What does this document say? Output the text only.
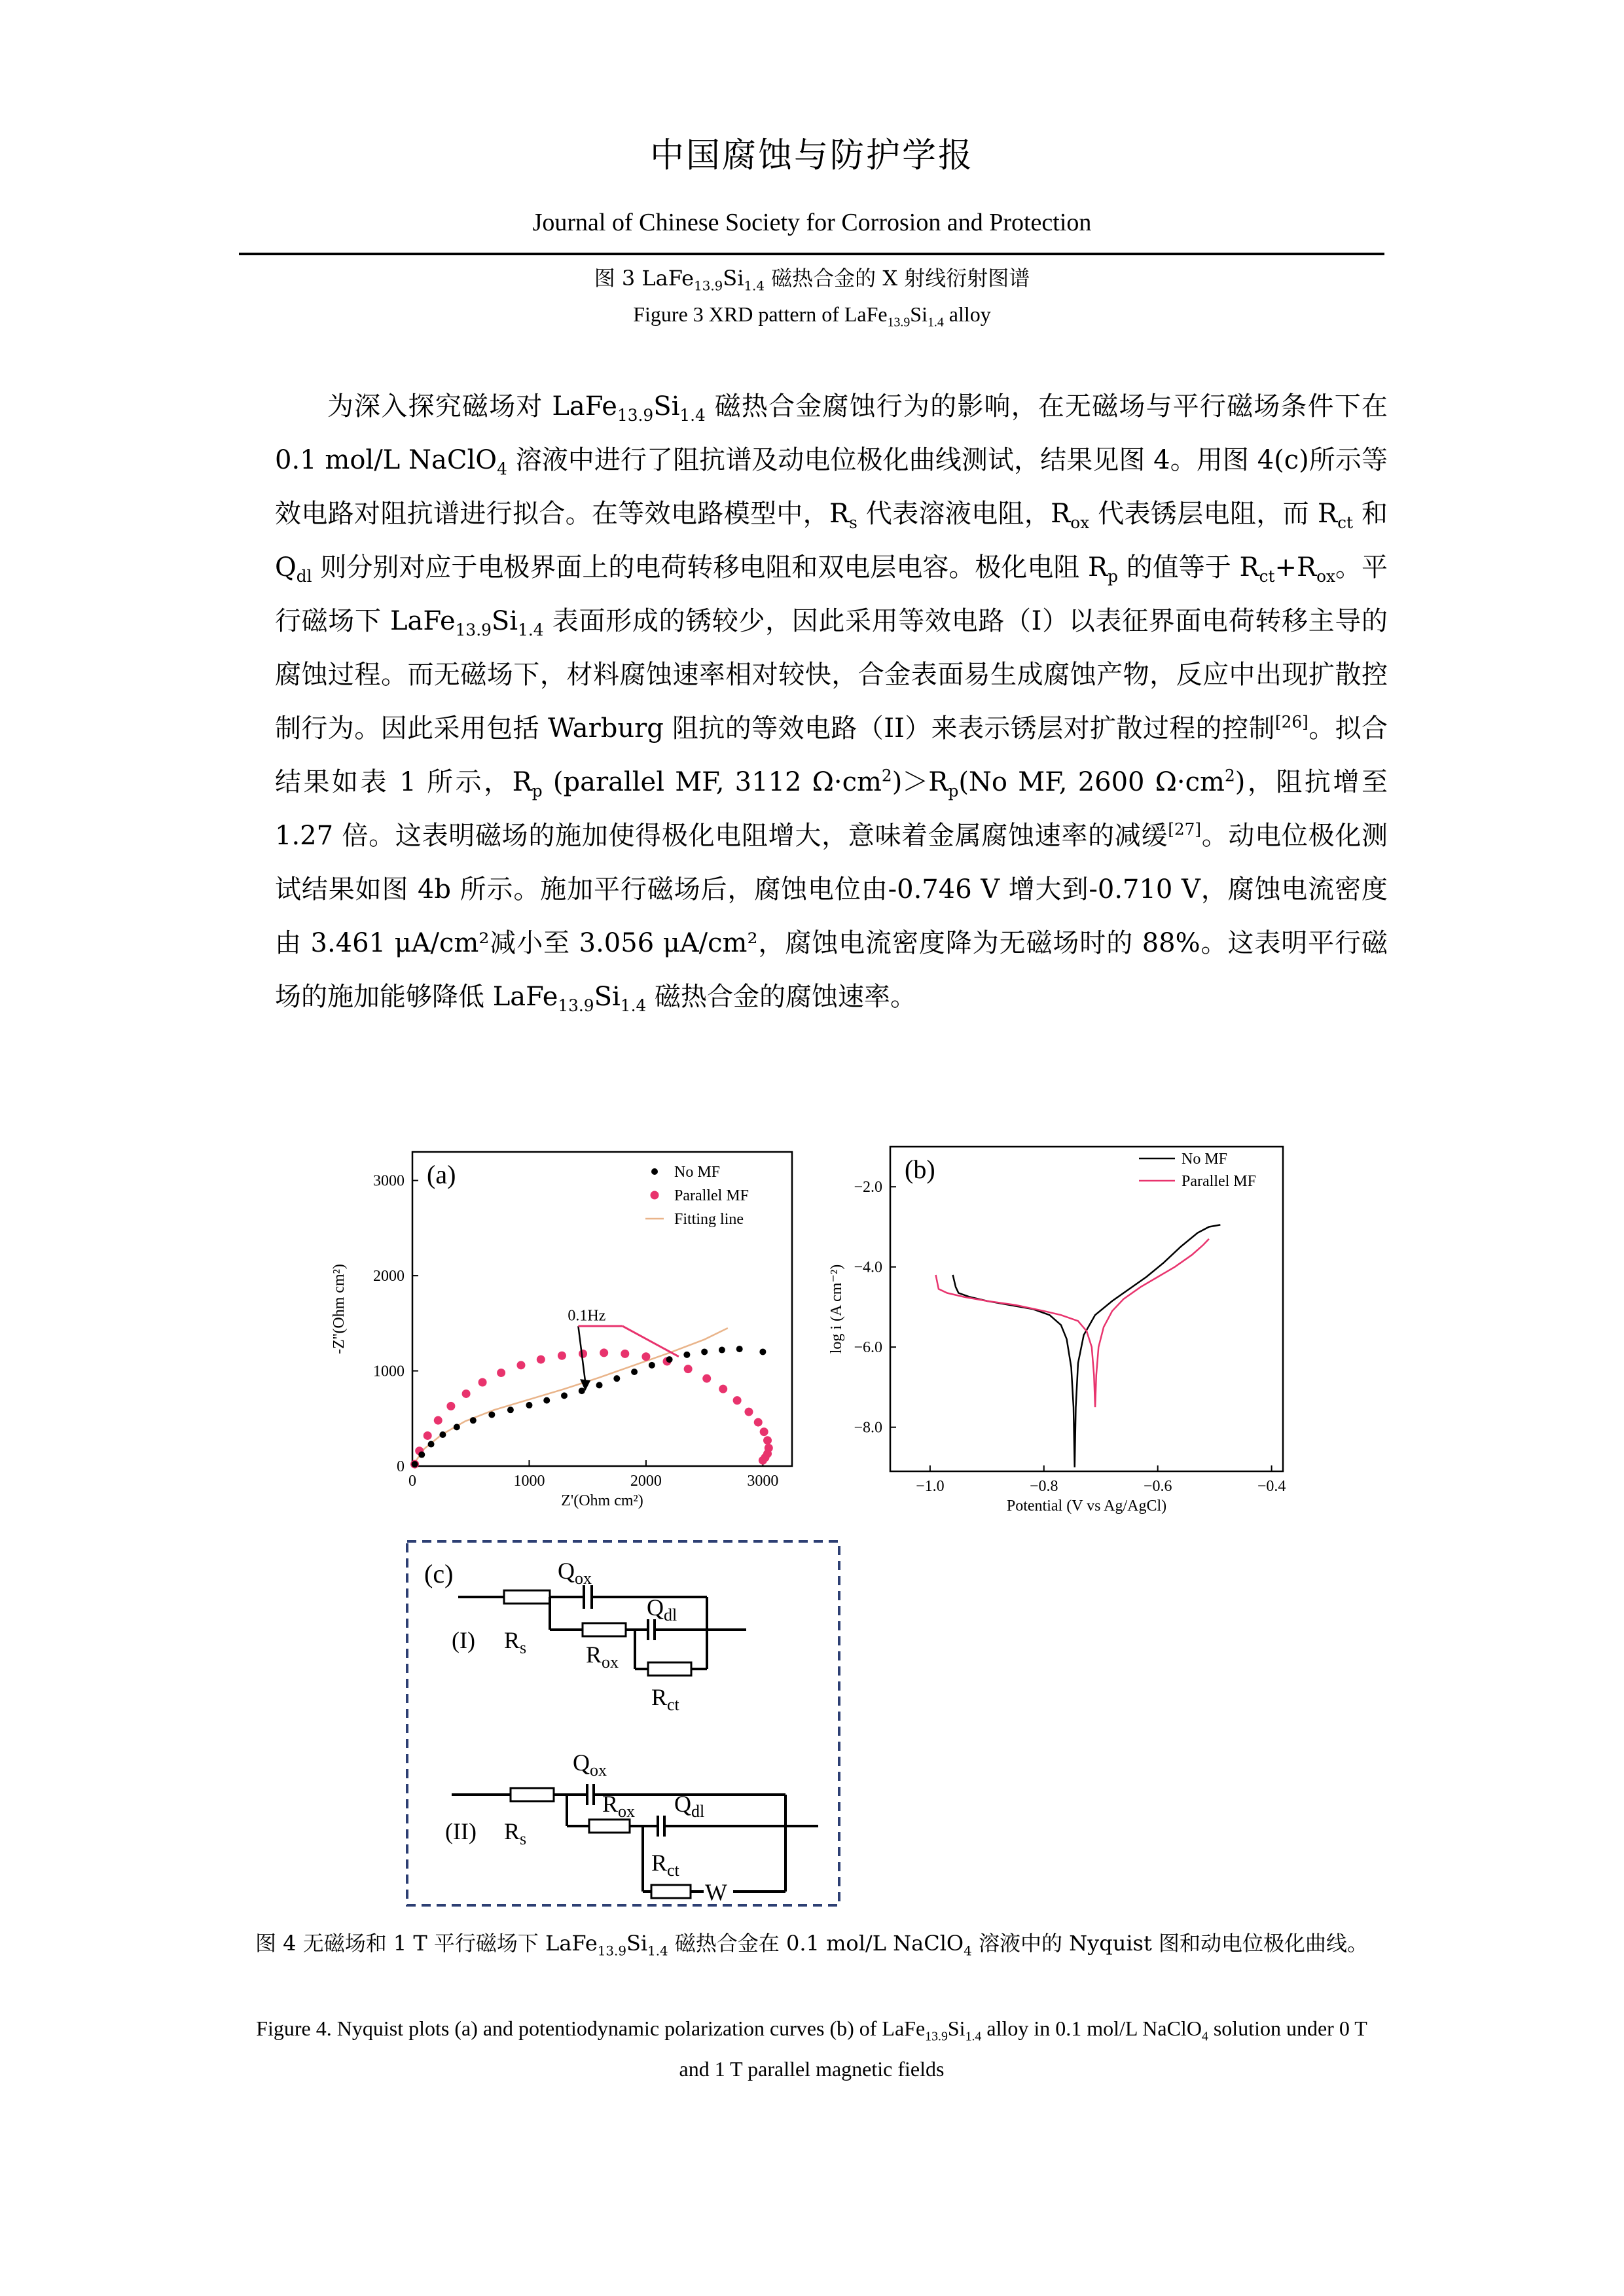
中国腐蚀与防护学报
Journal of Chinese Society for Corrosion and Protection
图 3 $LaFe_{13.9}Si_{1.4}$ 磁热合金的 X 射线衍射图谱
Figure 3 XRD pattern of $LaFe_{13.9}Si_{1.4}$ alloy
为深入探究磁场对 $LaFe_{13.9}Si_{1.4}$ 磁热合金腐蚀行为的影响，在无磁场与平行磁场条件下在 0.1 mol/L NaClO$_4$ 溶液中进行了阻抗谱及动电位极化曲线测试，结果见图 4。用图 4(c)所示等效电路对阻抗谱进行拟合。在等效电路模型中，$R_s$ 代表溶液电阻，$R_{ox}$ 代表锈层电阻，而 $R_{ct}$ 和 $Q_{dl}$ 则分别对应于电极界面上的电荷转移电阻和双电层电容。极化电阻 $R_p$ 的值等于 $R_{ct}+R_{ox}$。平行磁场下 $LaFe_{13.9}Si_{1.4}$ 表面形成的锈较少，因此采用等效电路（I）以表征界面电荷转移主导的腐蚀过程。而无磁场下，材料腐蚀速率相对较快，合金表面易生成腐蚀产物，反应中出现扩散控制行为。因此采用包括 Warburg 阻抗的等效电路（II）来表示锈层对扩散过程的控制[26]。拟合结果如表 1 所示，$R_p$ (parallel MF, 3112 $\Omega\cdot cm^2)>R_p(No$ MF, 2600 $\Omega\cdot cm^2$)，阻抗增至 1.27 倍。这表明磁场的施加使得极化电阻增大，意味着金属腐蚀速率的减缓[27]。动电位极化测试结果如图 4b 所示。施加平行磁场后，腐蚀电位由-0.746 V 增大到-0.710 V，腐蚀电流密度由 3.461 μA/cm²减小至 3.056 μA/cm²，腐蚀电流密度降为无磁场时的 88%。这表明平行磁场的施加能够降低 $LaFe_{13.9}Si_{1.4}$ 磁热合金的腐蚀速率。
0	1000	2000	3000
0
1000
2000
3000
Z'(Ohm cm²)
-Z''(Ohm cm²)
(a)
0.1Hz
No MF
Parallel MF
Fitting line
−1.0	−0.8	−0.6	−0.4
−2.0
−4.0
−6.0
−8.0
Potential (V vs Ag/AgCl)
log i (A cm⁻²)
(b)	No MF
Parallel MF
(c)	$Q_{ox}$
(I) $R_s$
$Q_{dl}$
$R_{ox}$
$R_{ct}$
$Q_{ox}$
(II) $R_s$
$R_{ox}$ $Q_{dl}$
$R_{ct}$
W
图 4 无磁场和 1 T 平行磁场下 $LaFe_{13.9}Si_{1.4}$ 磁热合金在 0.1 mol/L NaClO$_4$ 溶液中的 Nyquist 图和动电位极化曲线。
Figure 4. Nyquist plots (a) and potentiodynamic polarization curves (b) of $LaFe_{13.9}Si_{1.4}$ alloy in 0.1 mol/L NaClO$_4$ solution under 0 T and 1 T parallel magnetic fields
